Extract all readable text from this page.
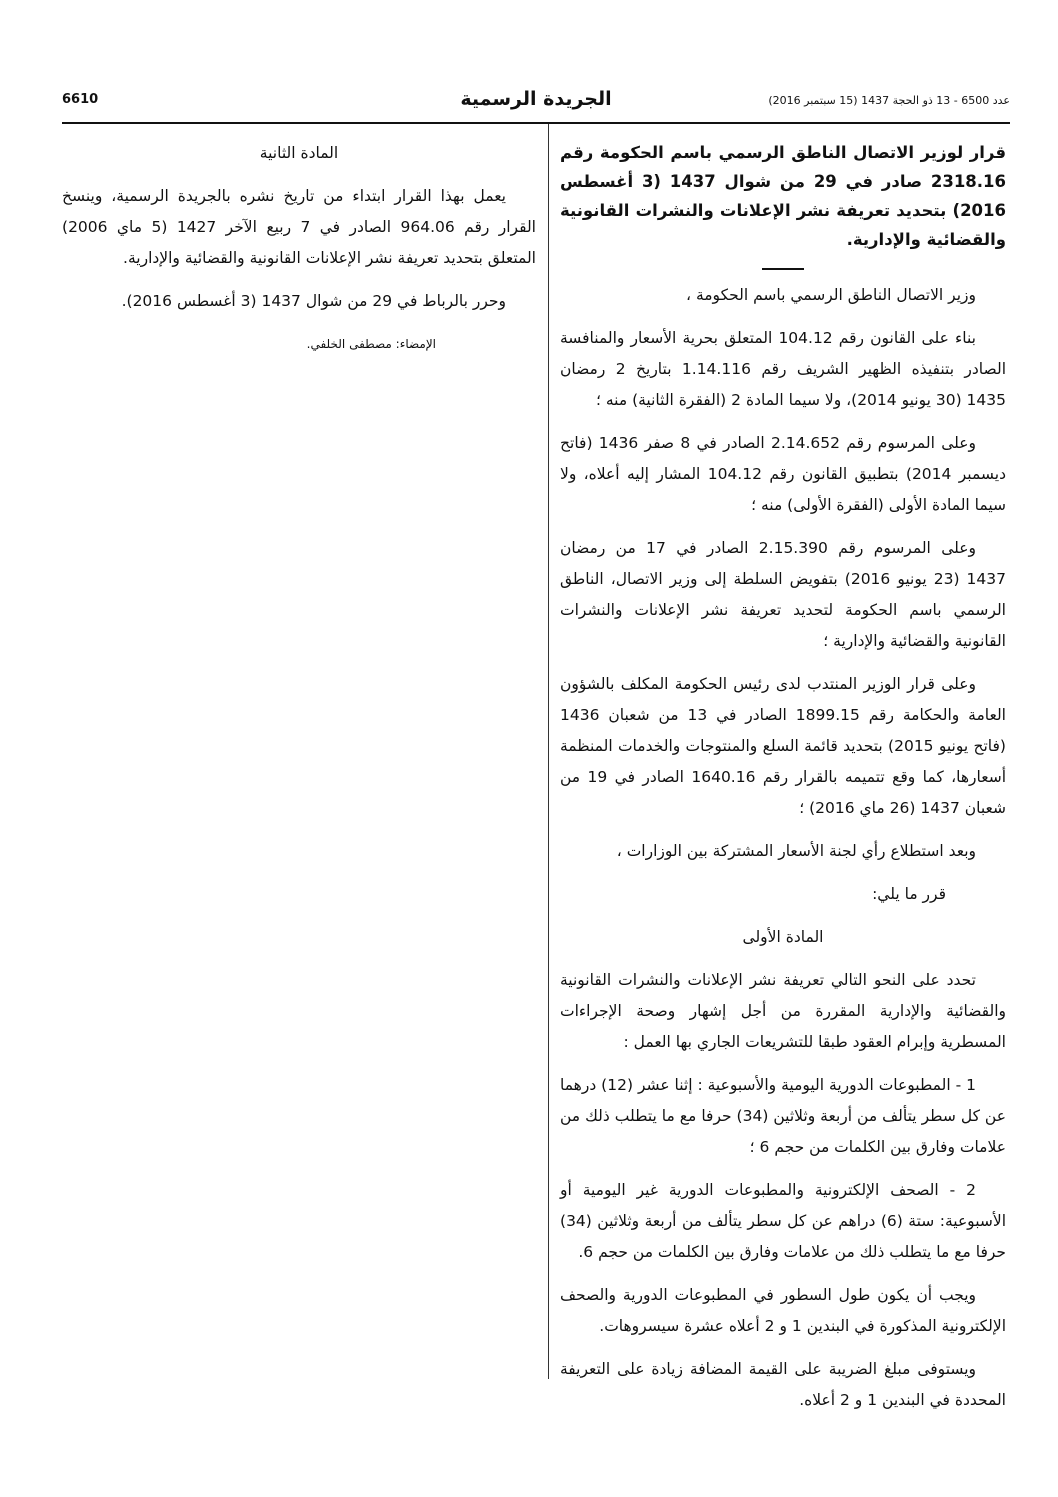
6610	الجريدة الرسمية	عدد 6500 - 13 ذو الحجة 1437 (15 سبتمبر 2016)

قرار لوزير الاتصال الناطق الرسمي باسم الحكومة رقم 2318.16 صادر في 29 من شوال 1437 (3 أغسطس 2016) بتحديد تعريفة نشر الإعلانات والنشرات القانونية والقضائية والإدارية.

وزير الاتصال الناطق الرسمي باسم الحكومة ،

بناء على القانون رقم 104.12 المتعلق بحرية الأسعار والمنافسة الصادر بتنفيذه الظهير الشريف رقم 1.14.116 بتاريخ 2 رمضان 1435 (30 يونيو 2014)، ولا سيما المادة 2 (الفقرة الثانية) منه ؛

وعلى المرسوم رقم 2.14.652 الصادر في 8 صفر 1436 (فاتح ديسمبر 2014) بتطبيق القانون رقم 104.12 المشار إليه أعلاه، ولا سيما المادة الأولى (الفقرة الأولى) منه ؛

وعلى المرسوم رقم 2.15.390 الصادر في 17 من رمضان 1437 (23 يونيو 2016) بتفويض السلطة إلى وزير الاتصال، الناطق الرسمي باسم الحكومة لتحديد تعريفة نشر الإعلانات والنشرات القانونية والقضائية والإدارية ؛

وعلى قرار الوزير المنتدب لدى رئيس الحكومة المكلف بالشؤون العامة والحكامة رقم 1899.15 الصادر في 13 من شعبان 1436 (فاتح يونيو 2015) بتحديد قائمة السلع والمنتوجات والخدمات المنظمة أسعارها، كما وقع تتميمه بالقرار رقم 1640.16 الصادر في 19 من شعبان 1437 (26 ماي 2016) ؛

وبعد استطلاع رأي لجنة الأسعار المشتركة بين الوزارات ،

قرر ما يلي:

المادة الأولى

تحدد على النحو التالي تعريفة نشر الإعلانات والنشرات القانونية والقضائية والإدارية المقررة من أجل إشهار وصحة الإجراءات المسطرية وإبرام العقود طبقا للتشريعات الجاري بها العمل :

1 - المطبوعات الدورية اليومية والأسبوعية : إثنا عشر (12) درهما عن كل سطر يتألف من أربعة وثلاثين (34) حرفا مع ما يتطلب ذلك من علامات وفارق بين الكلمات من حجم 6 ؛

2 - الصحف الإلكترونية والمطبوعات الدورية غير اليومية أو الأسبوعية: ستة (6) دراهم عن كل سطر يتألف من أربعة وثلاثين (34) حرفا مع ما يتطلب ذلك من علامات وفارق بين الكلمات من حجم 6.

ويجب أن يكون طول السطور في المطبوعات الدورية والصحف الإلكترونية المذكورة في البندين 1 و 2 أعلاه عشرة سيسروهات.

ويستوفى مبلغ الضريبة على القيمة المضافة زيادة على التعريفة المحددة في البندين 1 و 2 أعلاه.

المادة الثانية

يعمل بهذا القرار ابتداء من تاريخ نشره بالجريدة الرسمية، وينسخ القرار رقم 964.06 الصادر في 7 ربيع الآخر 1427 (5 ماي 2006) المتعلق بتحديد تعريفة نشر الإعلانات القانونية والقضائية والإدارية.

وحرر بالرباط في 29 من شوال 1437 (3 أغسطس 2016).

الإمضاء: مصطفى الخلفي.
